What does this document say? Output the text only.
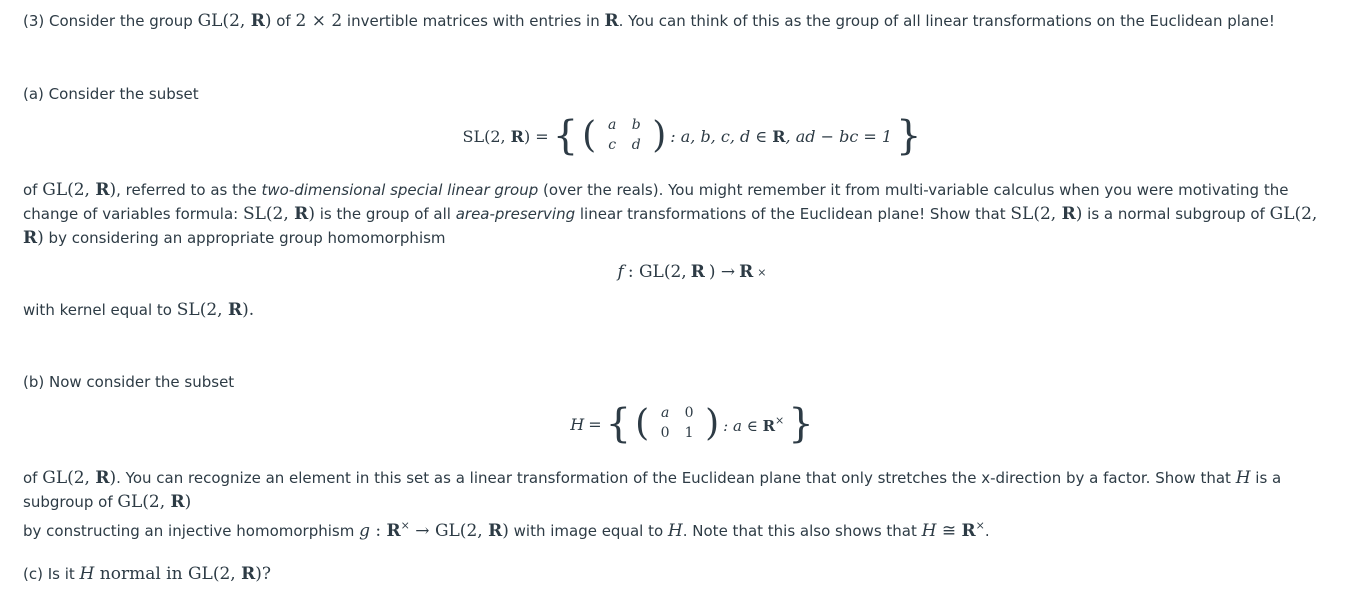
(3) Consider the group GL(2, R) of 2 × 2 invertible matrices with entries in R. You can think of this as the group of all linear transformations on the Euclidean plane!
(a) Consider the subset
SL(2, R) = { ( a	b
c	d ) : a, b, c, d ∈ R, ad − bc = 1 }
of GL(2, R), referred to as the two-dimensional special linear group (over the reals). You might remember it from multi-variable calculus when you were motivating the change of variables formula: SL(2, R) is the group of all area-preserving linear transformations of the Euclidean plane! Show that SL(2, R) is a normal subgroup of GL(2, R) by considering an appropriate group homomorphism
f : GL(2, R ) → R ×
with kernel equal to SL(2, R).
(b) Now consider the subset
H = { ( a	0
0	1 ) : a ∈ R× }
of GL(2, R). You can recognize an element in this set as a linear transformation of the Euclidean plane that only stretches the x-direction by a factor. Show that H is a subgroup of GL(2, R)
by constructing an injective homomorphism g : R× → GL(2, R) with image equal to H. Note that this also shows that H ≅ R×.
(c) Is it H normal in GL(2, R)?
